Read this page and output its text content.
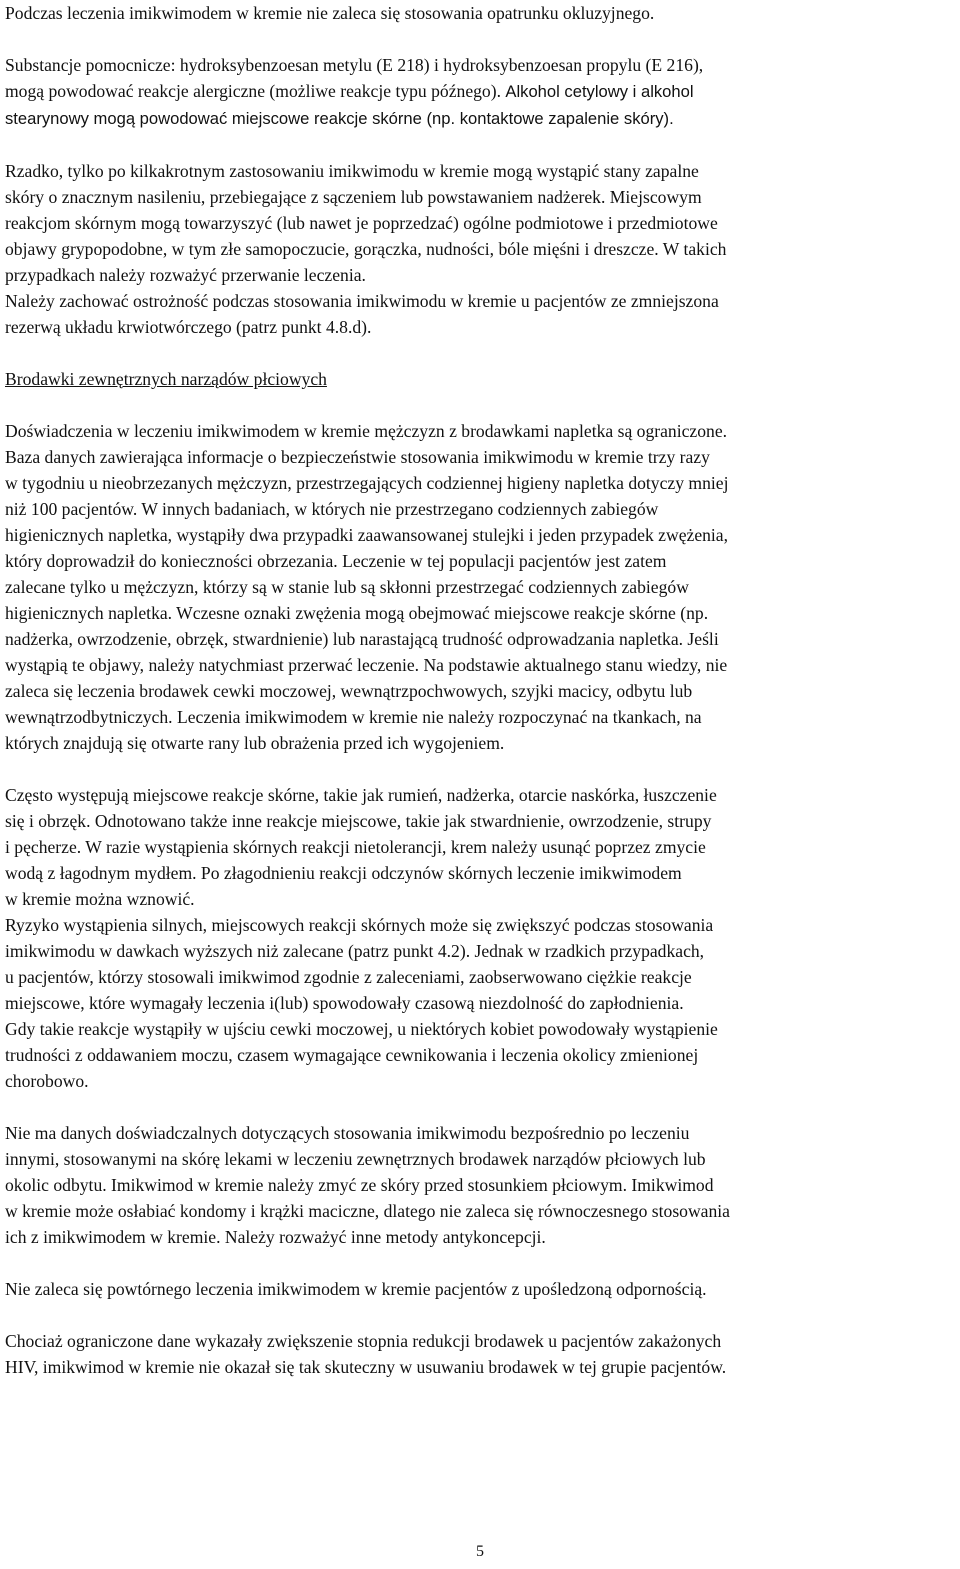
Podczas leczenia imikwimodem w kremie nie zaleca się stosowania opatrunku okluzyjnego.

Substancje pomocnicze: hydroksybenzoesan metylu (E 218) i hydroksybenzoesan propylu (E 216),
mogą powodować reakcje alergiczne (możliwe reakcje typu późnego). Alkohol cetylowy i alkohol
stearynowy mogą powodować miejscowe reakcje skórne (np. kontaktowe zapalenie skóry).

Rzadko, tylko po kilkakrotnym zastosowaniu imikwimodu w kremie mogą wystąpić stany zapalne
skóry o znacznym nasileniu, przebiegające z sączeniem lub powstawaniem nadżerek. Miejscowym
reakcjom skórnym mogą towarzyszyć (lub nawet je poprzedzać) ogólne podmiotowe i przedmiotowe
objawy grypopodobne, w tym złe samopoczucie, gorączka, nudności, bóle mięśni i dreszcze. W takich
przypadkach należy rozważyć przerwanie leczenia.
Należy zachować ostrożność podczas stosowania imikwimodu w kremie u pacjentów ze zmniejszona
rezerwą układu krwiotwórczego (patrz punkt 4.8.d).

Brodawki zewnętrznych narządów płciowych

Doświadczenia w leczeniu imikwimodem w kremie mężczyzn z brodawkami napletka są ograniczone.
Baza danych zawierająca informacje o bezpieczeństwie stosowania imikwimodu w kremie trzy razy
w tygodniu u nieobrzezanych mężczyzn, przestrzegających codziennej higieny napletka dotyczy mniej
niż 100 pacjentów. W innych badaniach, w których nie przestrzegano codziennych zabiegów
higienicznych napletka, wystąpiły dwa przypadki zaawansowanej stulejki i jeden przypadek zwężenia,
który doprowadził do konieczności obrzezania. Leczenie w tej populacji pacjentów jest zatem
zalecane tylko u mężczyzn, którzy są w stanie lub są skłonni przestrzegać codziennych zabiegów
higienicznych napletka. Wczesne oznaki zwężenia mogą obejmować miejscowe reakcje skórne (np.
nadżerka, owrzodzenie, obrzęk, stwardnienie) lub narastającą trudność odprowadzania napletka. Jeśli
wystąpią te objawy, należy natychmiast przerwać leczenie. Na podstawie aktualnego stanu wiedzy, nie
zaleca się leczenia brodawek cewki moczowej, wewnątrzpochwowych, szyjki macicy, odbytu lub
wewnątrzodbytniczych. Leczenia imikwimodem w kremie nie należy rozpoczynać na tkankach, na
których znajdują się otwarte rany lub obrażenia przed ich wygojeniem.

Często występują miejscowe reakcje skórne, takie jak rumień, nadżerka, otarcie naskórka, łuszczenie
się i obrzęk. Odnotowano także inne reakcje miejscowe, takie jak stwardnienie, owrzodzenie, strupy
i pęcherze. W razie wystąpienia skórnych reakcji nietolerancji, krem należy usunąć poprzez zmycie
wodą z łagodnym mydłem. Po złagodnieniu reakcji odczynów skórnych leczenie imikwimodem
w kremie można wznowić.
Ryzyko wystąpienia silnych, miejscowych reakcji skórnych może się zwiększyć podczas stosowania
imikwimodu w dawkach wyższych niż zalecane (patrz punkt 4.2). Jednak w rzadkich przypadkach,
u pacjentów, którzy stosowali imikwimod zgodnie z zaleceniami, zaobserwowano ciężkie reakcje
miejscowe, które wymagały leczenia i(lub) spowodowały czasową niezdolność do zapłodnienia.
Gdy takie reakcje wystąpiły w ujściu cewki moczowej, u niektórych kobiet powodowały wystąpienie
trudności z oddawaniem moczu, czasem wymagające cewnikowania i leczenia okolicy zmienionej
chorobowo.

Nie ma danych doświadczalnych dotyczących stosowania imikwimodu bezpośrednio po leczeniu
innymi, stosowanymi na skórę lekami w leczeniu zewnętrznych brodawek narządów płciowych lub
okolic odbytu. Imikwimod w kremie należy zmyć ze skóry przed stosunkiem płciowym. Imikwimod
w kremie może osłabiać kondomy i krążki maciczne, dlatego nie zaleca się równoczesnego stosowania
ich z imikwimodem w kremie. Należy rozważyć inne metody antykoncepcji.

Nie zaleca się powtórnego leczenia imikwimodem w kremie pacjentów z upośledzoną odpornością.

Chociaż ograniczone dane wykazały zwiększenie stopnia redukcji brodawek u pacjentów zakażonych
HIV, imikwimod w kremie nie okazał się tak skuteczny w usuwaniu brodawek w tej grupie pacjentów.

5
